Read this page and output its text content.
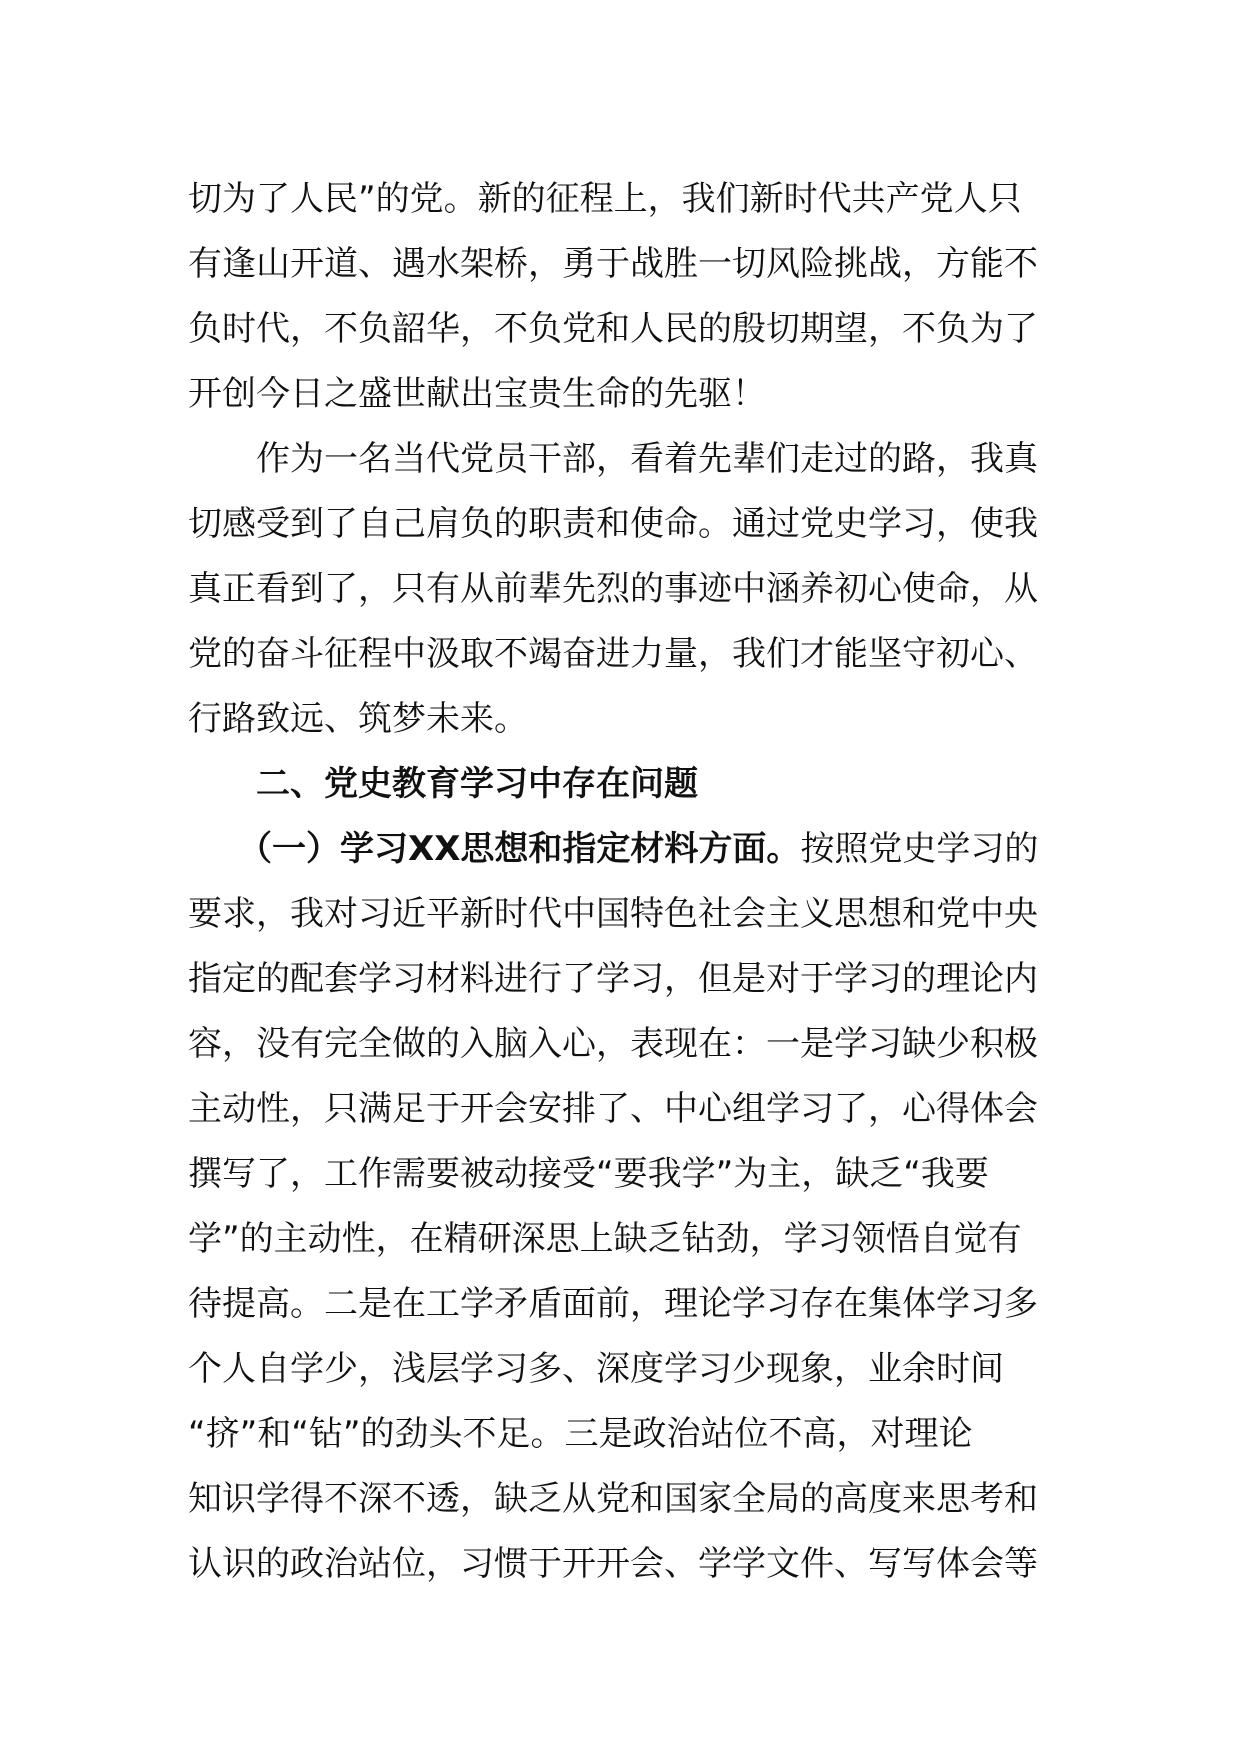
切为了人民”的党。新的征程上，我们新时代共产党人只
有逢山开道、遇水架桥，勇于战胜一切风险挑战，方能不
负时代，不负韶华，不负党和人民的殷切期望，不负为了
开创今日之盛世献出宝贵生命的先驱！
作为一名当代党员干部，看着先辈们走过的路，我真
切感受到了自己肩负的职责和使命。通过党史学习，使我
真正看到了，只有从前辈先烈的事迹中涵养初心使命，从
党的奋斗征程中汲取不竭奋进力量，我们才能坚守初心、
行路致远、筑梦未来。
二、党史教育学习中存在问题
（一）学习XX思想和指定材料方面。按照党史学习的
要求，我对习近平新时代中国特色社会主义思想和党中央
指定的配套学习材料进行了学习，但是对于学习的理论内
容，没有完全做的入脑入心，表现在：一是学习缺少积极
主动性，只满足于开会安排了、中心组学习了，心得体会
撰写了，工作需要被动接受“要我学”为主，缺乏“我要
学”的主动性，在精研深思上缺乏钻劲，学习领悟自觉有
待提高。二是在工学矛盾面前，理论学习存在集体学习多
个人自学少，浅层学习多、深度学习少现象，业余时间
“挤”和“钻”的劲头不足。三是政治站位不高，对理论
知识学得不深不透，缺乏从党和国家全局的高度来思考和
认识的政治站位，习惯于开开会、学学文件、写写体会等
